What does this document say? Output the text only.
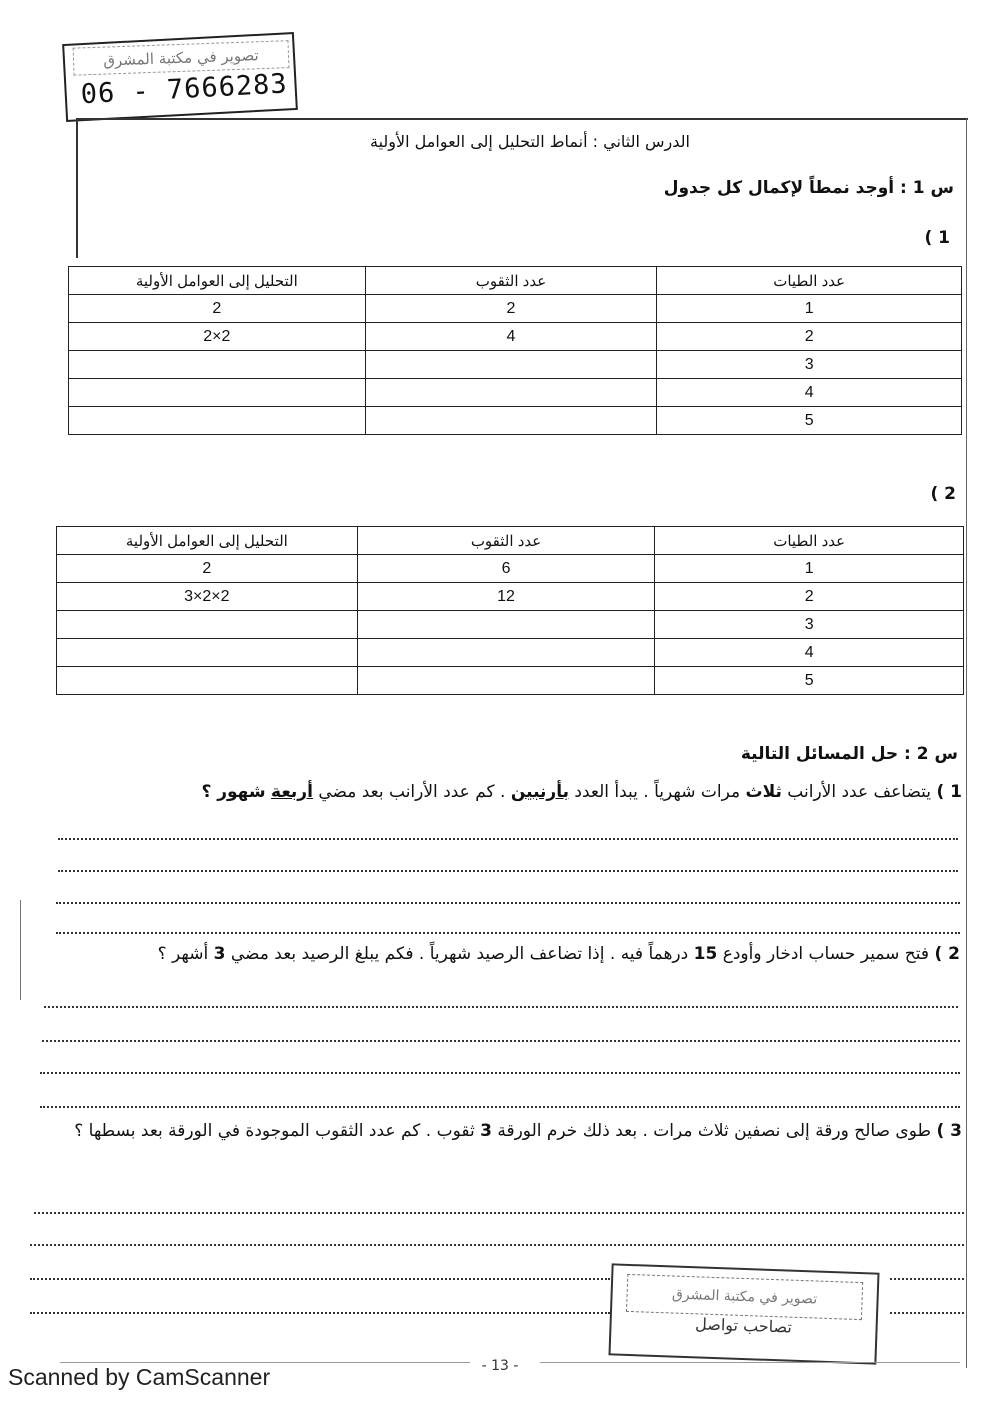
تصوير في مكتبة المشرق
06 - 7666283
الدرس الثاني : أنماط التحليل إلى العوامل الأولية
س 1 : أوجد نمطاً لإكمال كل جدول
1 )
عدد الطيات	عدد الثقوب	التحليل إلى العوامل الأولية
1	2	2
2	4	2×2
3		
4		
5		
2 )
عدد الطيات	عدد الثقوب	التحليل إلى العوامل الأولية
1	6	2
2	12	2×2×3
3		
4		
5		
س 2 : حل المسائل التالية
1 ) يتضاعف عدد الأرانب ثلاث مرات شهرياً . يبدأ العدد بأرنبين . كم عدد الأرانب بعد مضي أربعة شهور ؟
2 ) فتح سمير حساب ادخار وأودع 15 درهماً فيه . إذا تضاعف الرصيد شهرياً . فكم يبلغ الرصيد بعد مضي 3 أشهر ؟
3 ) طوى صالح ورقة إلى نصفين ثلاث مرات . بعد ذلك خرم الورقة 3 ثقوب . كم عدد الثقوب الموجودة في الورقة بعد بسطها ؟
تصوير في مكتبة المشرق
تصاحب تواصل
- 13 -
Scanned by CamScanner
